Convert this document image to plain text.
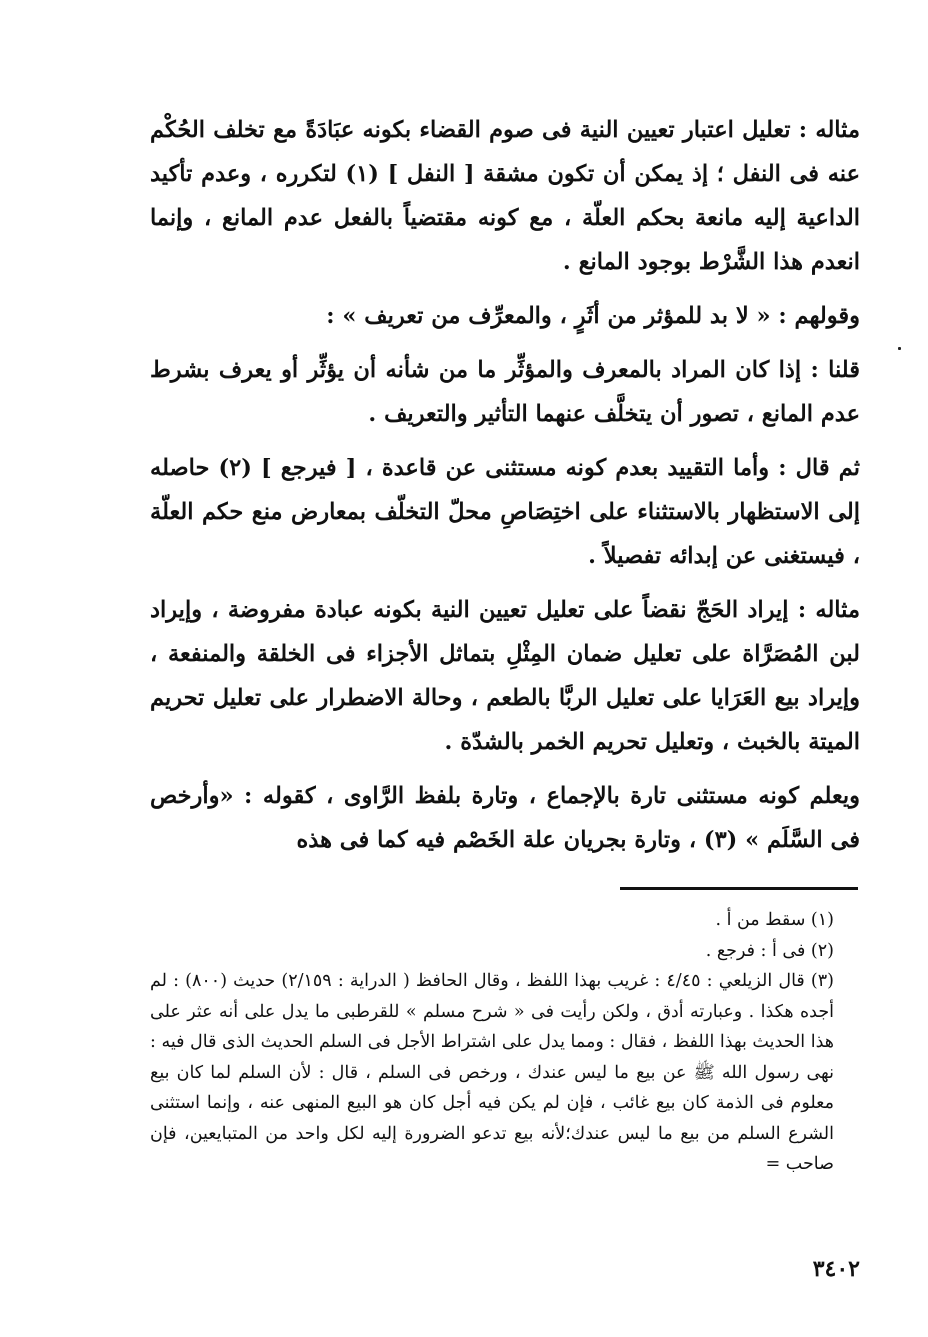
مثاله : تعليل اعتبار تعيين النية فى صوم القضاء بكونه عبَادَةً مع تخلف الحُكْم عنه فى النفل ؛ إذ يمكن أن تكون مشقة [ النفل ] (١) لتكرره ، وعدم تأكيد الداعية إليه مانعة بحكم العلّة ، مع كونه مقتضياً بالفعل عدم المانع ، وإنما انعدم هذا الشَّرْط بوجود المانع .

وقولهم : « لا بد للمؤثر من أثَرٍ ، والمعرِّف من تعريف » :

قلنا : إذا كان المراد بالمعرف والمؤثِّر ما من شأنه أن يؤثِّر أو يعرف بشرط عدم المانع ، تصور أن يتخلَّف عنهما التأثير والتعريف .

ثم قال : وأما التقييد بعدم كونه مستثنى عن قاعدة ، [ فيرجع ] (٢) حاصله إلى الاستظهار بالاستثناء على اختِصَاصِ محلّ التخلّف بمعارض منع حكم العلّة ، فيستغنى عن إبدائه تفصيلاً .

مثاله : إيراد الحَجّ نقضاً على تعليل تعيين النية بكونه عبادة مفروضة ، وإيراد لبن المُصَرَّاة على تعليل ضمان المِثْلِ بتماثل الأجزاء فى الخلقة والمنفعة ، وإيراد بيع العَرَايا على تعليل الربَّا بالطعم ، وحالة الاضطرار على تعليل تحريم الميتة بالخبث ، وتعليل تحريم الخمر بالشدّة .

ويعلم كونه مستثنى تارة بالإجماع ، وتارة بلفظ الرَّاوى ، كقوله : «وأرخص فى السَّلَم » (٣) ، وتارة بجريان علة الخَصْم فيه كما فى هذه

(١) سقط من أ .

(٢) فى أ : فرجع .

(٣) قال الزيلعي : ٤/٤٥ : غريب بهذا اللفظ ، وقال الحافظ ( الدراية : ٢/١٥٩) حديث (٨٠٠) : لم أجده هكذا . وعبارته أدق ، ولكن رأيت فى « شرح مسلم » للقرطبى ما يدل على أنه عثر على هذا الحديث بهذا اللفظ ، فقال : ومما يدل على اشتراط الأجل فى السلم الحديث الذى قال فيه : نهى رسول الله ﷺ عن بيع ما ليس عندك ، ورخص فى السلم ، قال : لأن السلم لما كان بيع معلوم فى الذمة كان بيع غائب ، فإن لم يكن فيه أجل كان هو البيع المنهى عنه ، وإنما استثنى الشرع السلم من بيع ما ليس عندك؛لأنه بيع تدعو الضرورة إليه لكل واحد من المتبايعين، فإن صاحب =

٣٤٠٢
